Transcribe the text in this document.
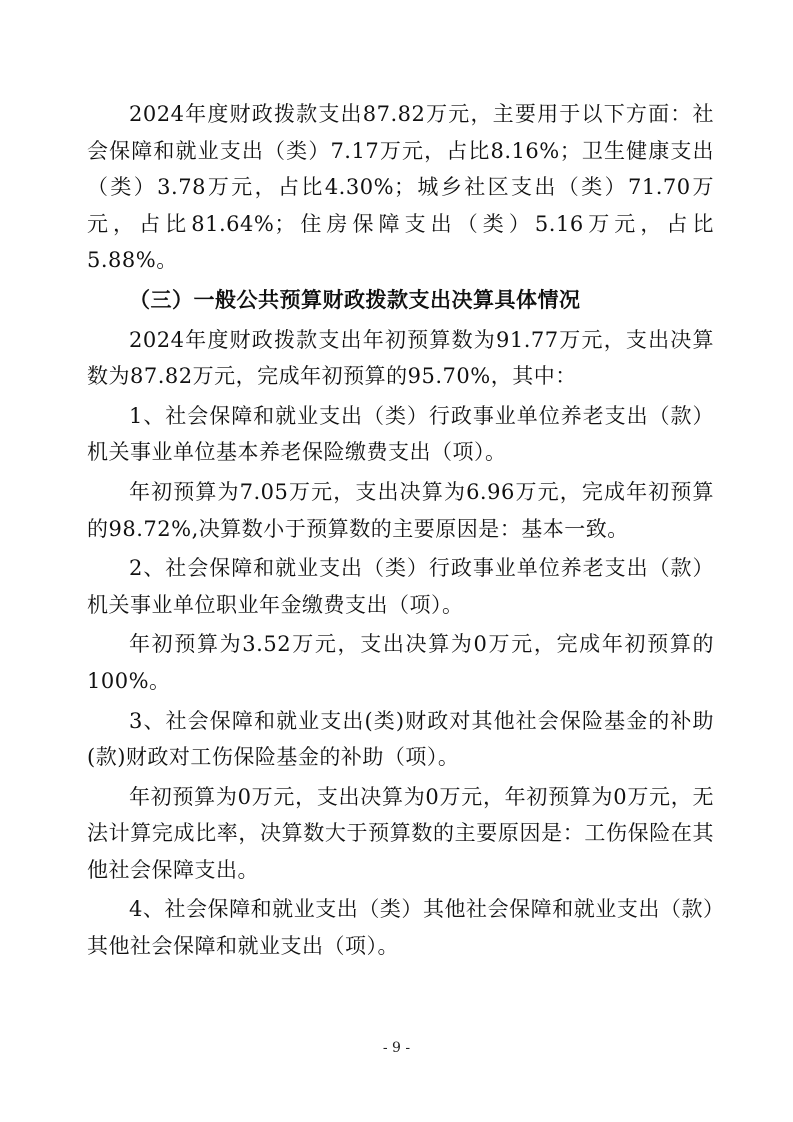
2024年度财政拨款支出87.82万元，主要用于以下方面：社会保障和就业支出（类）7.17万元，占比8.16%；卫生健康支出（类）3.78万元，占比4.30%；城乡社区支出（类）71.70万元，占比81.64%；住房保障支出（类）5.16万元，占比5.88%。

（三）一般公共预算财政拨款支出决算具体情况

2024年度财政拨款支出年初预算数为91.77万元，支出决算数为87.82万元，完成年初预算的95.70%，其中：

1、社会保障和就业支出（类）行政事业单位养老支出（款）机关事业单位基本养老保险缴费支出（项）。

年初预算为7.05万元，支出决算为6.96万元，完成年初预算的98.72%,决算数小于预算数的主要原因是：基本一致。

2、社会保障和就业支出（类）行政事业单位养老支出（款）机关事业单位职业年金缴费支出（项）。

年初预算为3.52万元，支出决算为0万元，完成年初预算的100%。

3、社会保障和就业支出(类)财政对其他社会保险基金的补助(款)财政对工伤保险基金的补助（项）。

年初预算为0万元，支出决算为0万元，年初预算为0万元，无法计算完成比率，决算数大于预算数的主要原因是：工伤保险在其他社会保障支出。

4、社会保障和就业支出（类）其他社会保障和就业支出（款）其他社会保障和就业支出（项）。

- 9 -
